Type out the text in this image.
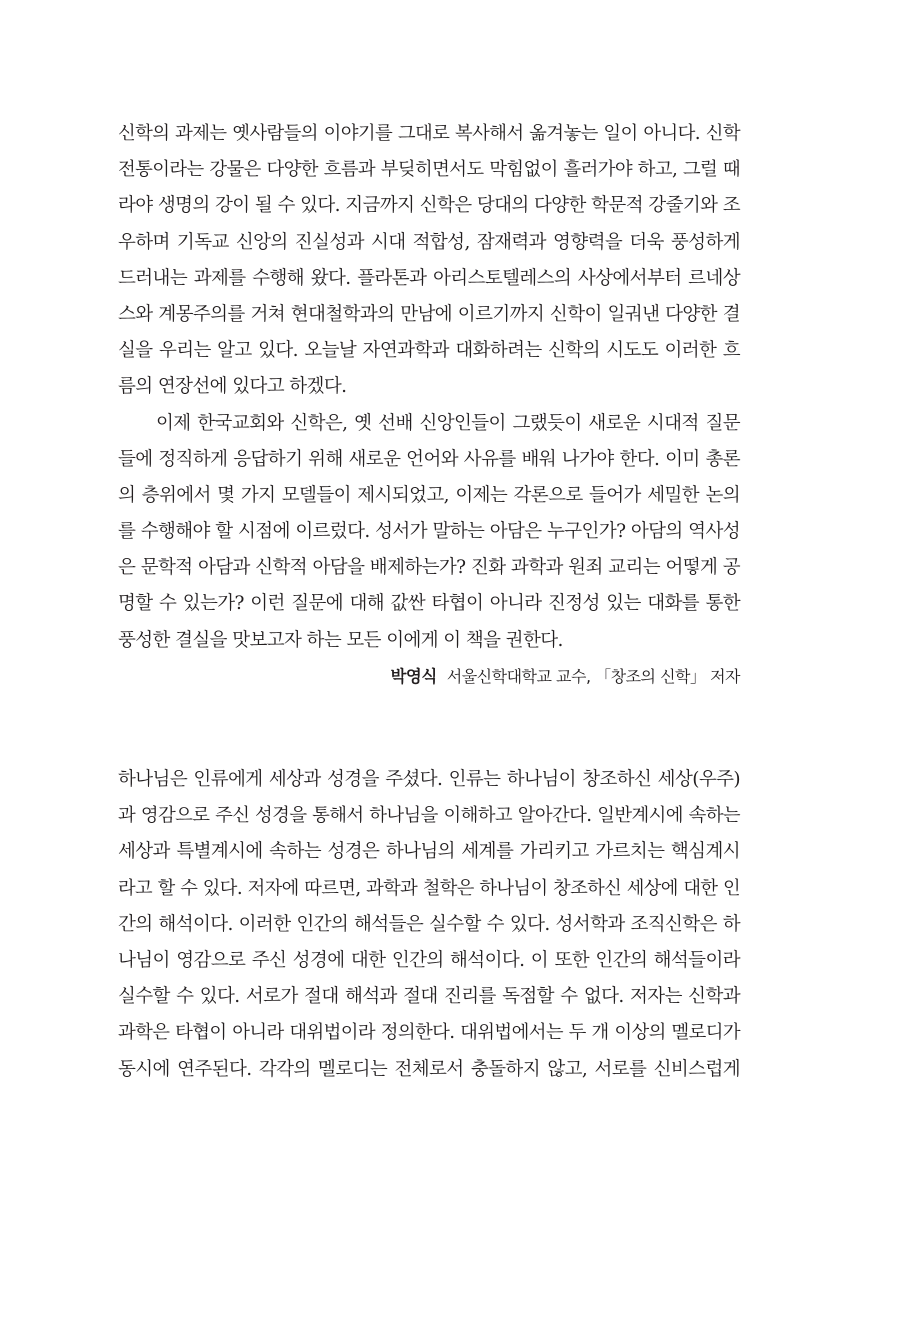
신학의 과제는 옛사람들의 이야기를 그대로 복사해서 옮겨놓는 일이 아니다. 신학
전통이라는 강물은 다양한 흐름과 부딪히면서도 막힘없이 흘러가야 하고, 그럴 때
라야 생명의 강이 될 수 있다. 지금까지 신학은 당대의 다양한 학문적 강줄기와 조
우하며 기독교 신앙의 진실성과 시대 적합성, 잠재력과 영향력을 더욱 풍성하게
드러내는 과제를 수행해 왔다. 플라톤과 아리스토텔레스의 사상에서부터 르네상
스와 계몽주의를 거쳐 현대철학과의 만남에 이르기까지 신학이 일궈낸 다양한 결
실을 우리는 알고 있다. 오늘날 자연과학과 대화하려는 신학의 시도도 이러한 흐
름의 연장선에 있다고 하겠다.
이제 한국교회와 신학은, 옛 선배 신앙인들이 그랬듯이 새로운 시대적 질문
들에 정직하게 응답하기 위해 새로운 언어와 사유를 배워 나가야 한다. 이미 총론
의 층위에서 몇 가지 모델들이 제시되었고, 이제는 각론으로 들어가 세밀한 논의
를 수행해야 할 시점에 이르렀다. 성서가 말하는 아담은 누구인가? 아담의 역사성
은 문학적 아담과 신학적 아담을 배제하는가? 진화 과학과 원죄 교리는 어떻게 공
명할 수 있는가? 이런 질문에 대해 값싼 타협이 아니라 진정성 있는 대화를 통한
풍성한 결실을 맛보고자 하는 모든 이에게 이 책을 권한다.
박영식 서울신학대학교 교수, 「창조의 신학」 저자
하나님은 인류에게 세상과 성경을 주셨다. 인류는 하나님이 창조하신 세상(우주)
과 영감으로 주신 성경을 통해서 하나님을 이해하고 알아간다. 일반계시에 속하는
세상과 특별계시에 속하는 성경은 하나님의 세계를 가리키고 가르치는 핵심계시
라고 할 수 있다. 저자에 따르면, 과학과 철학은 하나님이 창조하신 세상에 대한 인
간의 해석이다. 이러한 인간의 해석들은 실수할 수 있다. 성서학과 조직신학은 하
나님이 영감으로 주신 성경에 대한 인간의 해석이다. 이 또한 인간의 해석들이라
실수할 수 있다. 서로가 절대 해석과 절대 진리를 독점할 수 없다. 저자는 신학과
과학은 타협이 아니라 대위법이라 정의한다. 대위법에서는 두 개 이상의 멜로디가
동시에 연주된다. 각각의 멜로디는 전체로서 충돌하지 않고, 서로를 신비스럽게
